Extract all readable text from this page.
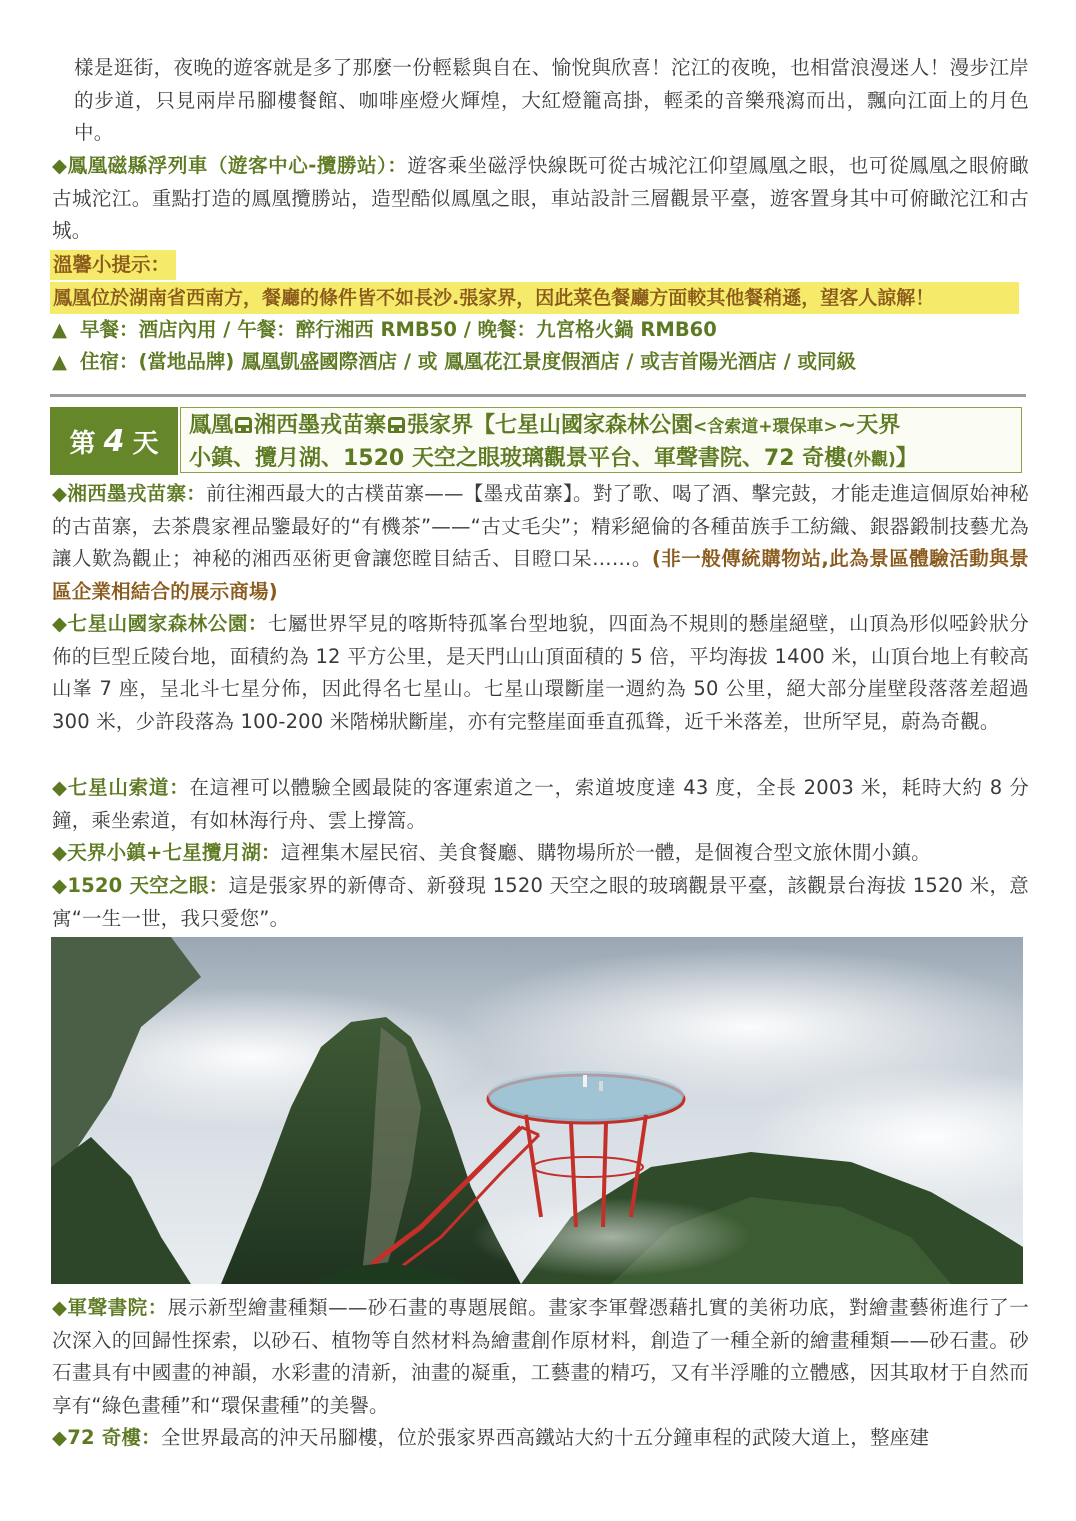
樣是逛街，夜晚的遊客就是多了那麼一份輕鬆與自在、愉悅與欣喜！沱江的夜晚，也相當浪漫迷人！漫步江岸的步道，只見兩岸吊腳樓餐館、咖啡座燈火輝煌，大紅燈籠高掛，輕柔的音樂飛瀉而出，飄向江面上的月色中。

◆鳳凰磁縣浮列車（遊客中心-攬勝站）：遊客乘坐磁浮快線既可從古城沱江仰望鳳凰之眼，也可從鳳凰之眼俯瞰古城沱江。重點打造的鳳凰攬勝站，造型酷似鳳凰之眼，車站設計三層觀景平臺，遊客置身其中可俯瞰沱江和古城。

溫馨小提示：
鳳凰位於湖南省西南方，餐廳的條件皆不如長沙.張家界，因此菜色餐廳方面較其他餐稍遜，望客人諒解！
▲ 早餐：酒店內用 / 午餐：醉行湘西 RMB50 / 晚餐：九宮格火鍋 RMB60
▲ 住宿：(當地品牌) 鳳凰凱盛國際酒店 / 或 鳳凰花江景度假酒店 / 或吉首陽光酒店 / 或同級
第 4 天
鳳凰 湘西墨戎苗寨 張家界【七星山國家森林公園<含索道+環保車>~天界
小鎮、攬月湖、1520 天空之眼玻璃觀景平台、軍聲書院、72 奇樓(外觀)】

◆湘西墨戎苗寨：前往湘西最大的古樸苗寨——【墨戎苗寨】。對了歌、喝了酒、擊完鼓，才能走進這個原始神秘的古苗寨，去茶農家裡品鑒最好的“有機茶”——“古丈毛尖”；精彩絕倫的各種苗族手工紡織、銀器鍛制技藝尤為讓人歎為觀止；神秘的湘西巫術更會讓您瞠目結舌、目瞪口呆……。(非一般傳統購物站,此為景區體驗活動與景區企業相結合的展示商場)

◆七星山國家森林公園：七屬世界罕見的喀斯特孤峯台型地貌，四面為不規則的懸崖絕壁，山頂為形似啞鈴狀分佈的巨型丘陵台地，面積約為 12 平方公里，是天門山山頂面積的 5 倍，平均海拔 1400 米，山頂台地上有較高山峯 7 座，呈北斗七星分佈，因此得名七星山。七星山環斷崖一週約為 50 公里，絕大部分崖壁段落落差超過 300 米，少許段落為 100-200 米階梯狀斷崖，亦有完整崖面垂直孤聳，近千米落差，世所罕見，蔚為奇觀。

◆七星山索道：在這裡可以體驗全國最陡的客運索道之一，索道坡度達 43 度，全長 2003 米，耗時大約 8 分鐘，乘坐索道，有如林海行舟、雲上撐篙。

◆天界小鎮+七星攬月湖：這裡集木屋民宿、美食餐廳、購物場所於一體，是個複合型文旅休閒小鎮。

◆1520 天空之眼：這是張家界的新傳奇、新發現 1520 天空之眼的玻璃觀景平臺，該觀景台海拔 1520 米，意寓“一生一世，我只愛您”。

◆軍聲書院：展示新型繪畫種類——砂石畫的專題展館。畫家李軍聲憑藉扎實的美術功底，對繪畫藝術進行了一次深入的回歸性探索，以砂石、植物等自然材料為繪畫創作原材料，創造了一種全新的繪畫種類——砂石畫。砂石畫具有中國畫的神韻，水彩畫的清新，油畫的凝重，工藝畫的精巧，又有半浮雕的立體感，因其取材于自然而享有“綠色畫種”和“環保畫種”的美譽。

◆72 奇樓：全世界最高的沖天吊腳樓，位於張家界西高鐵站大約十五分鐘車程的武陵大道上，整座建
